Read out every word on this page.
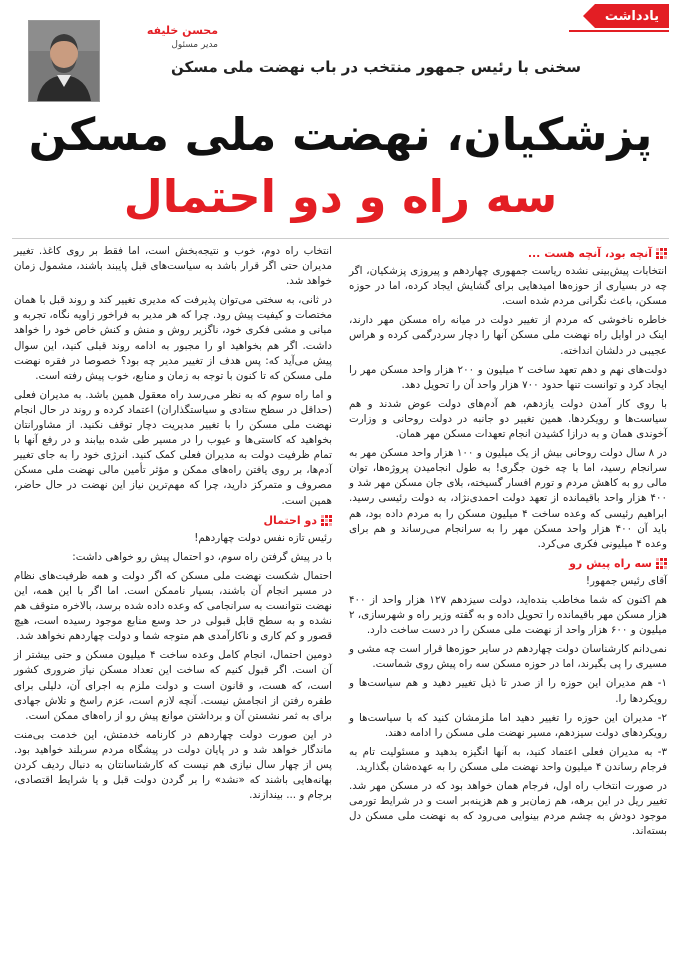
یادداشت
محسن خلیفه
مدیر مسئول
سخنی با رئیس جمهور منتخب در باب نهضت ملی مسکن
پزشکیان، نهضت ملی مسکن
سه راه و دو احتمال
آنچه بود، آنچه هست ...

انتخابات پیش‌بینی نشده ریاست جمهوری چهاردهم و پیروزی پزشکیان، اگر چه در بسیاری از حوزه‌ها امیدهایی برای گشایش ایجاد کرده، اما در حوزه مسکن، باعث نگرانی مردم شده است.

خاطره ناخوشی که مردم از تغییر دولت در میانه راه مسکن مهر دارند، اینک در اوایل راه نهضت ملی مسکن آنها را دچار سردرگمی کرده و هراس عجیبی در دلشان انداخته.

دولت‌های نهم و دهم تعهد ساخت ۲ میلیون و ۲۰۰ هزار واحد مسکن مهر را ایجاد کرد و توانست تنها حدود ۷۰۰ هزار واحد آن را تحویل دهد.

با روی کار آمدن دولت یازدهم، هم آدم‌های دولت عوض شدند و هم سیاست‌ها و رویکردها. همین تغییر دو جانبه در دولت روحانی و وزارت آخوندی همان و به درازا کشیدن انجام تعهدات مسکن مهر همان.

در ۸ سال دولت روحانی بیش از یک میلیون و ۱۰۰ هزار واحد مسکن مهر به سرانجام رسید، اما با چه خون جگری! به طول انجامیدن پروژه‌ها، توان مالی رو به کاهش مردم و تورم افسار گسیخته، بلای جان مسکن مهر شد و ۴۰۰ هزار واحد باقیمانده از تعهد دولت احمدی‌نژاد، به دولت رئیسی رسید. ابراهیم رئیسی که وعده ساخت ۴ میلیون مسکن را به مردم داده بود، هم باید آن ۴۰۰ هزار واحد مسکن مهر را به سرانجام می‌رساند و هم برای وعده ۴ میلیونی فکری می‌کرد.

سه راه پیش رو

آقای رئیس جمهور!

هم اکنون که شما مخاطب بنده‌اید، دولت سیزدهم ۱۲۷ هزار واحد از ۴۰۰ هزار مسکن مهر باقیمانده را تحویل داده و به گفته وزیر راه و شهرسازی، ۲ میلیون و ۶۰۰ هزار واحد از نهضت ملی مسکن را در دست ساخت دارد.

نمی‌دانم کارشناسان دولت چهاردهم در سایر حوزه‌ها قرار است چه مشی و مسیری را پی بگیرند، اما در حوزه مسکن سه راه پیش روی شماست.

۱- هم مدیران این حوزه را از صدر تا ذیل تغییر دهید و هم سیاست‌ها و رویکردها را.

۲- مدیران این حوزه را تغییر دهید اما ملزمشان کنید که با سیاست‌ها و رویکردهای دولت سیزدهم، مسیر نهضت ملی مسکن را ادامه دهند.

۳- به مدیران فعلی اعتماد کنید، به آنها انگیزه بدهید و مسئولیت تام به فرجام رساندن ۴ میلیون واحد نهضت ملی مسکن را به عهده‌شان بگذارید.

در صورت انتخاب راه اول، فرجام همان خواهد بود که در مسکن مهر شد. تغییر ریل در این برهه، هم زمان‌بر و هم هزینه‌بر است و در شرایط تورمی موجود دودش به چشم مردم بینوایی می‌رود که به نهضت ملی مسکن دل بسته‌اند.

انتخاب راه دوم، خوب و نتیجه‌بخش است، اما فقط بر روی کاغذ. تغییر مدیران حتی اگر قرار باشد به سیاست‌های قبل پایبند باشند، مشمول زمان خواهد شد.

در ثانی، به سختی می‌توان پذیرفت که مدیری تغییر کند و روند قبل با همان مختصات و کیفیت پیش رود. چرا که هر مدیر به فراخور زاویه نگاه، تجربه و مبانی و مشی فکری خود، ناگزیر روش و منش و کنش خاص خود را خواهد داشت. اگر هم بخواهید او را مجبور به ادامه روند قبلی کنید، این سوال پیش می‌آید که: پس هدف از تغییر مدیر چه بود؟ خصوصا در فقره نهضت ملی مسکن که تا کنون با توجه به زمان و منابع، خوب پیش رفته است.

و اما راه سوم که به نظر می‌رسد راه معقول همین باشد. به مدیران فعلی (حداقل در سطح ستادی و سیاستگذاران) اعتماد کرده و روند در حال انجام نهضت ملی مسکن را با تغییر مدیریت دچار توقف نکنید. از مشاورانتان بخواهید که کاستی‌ها و عیوب را در مسیر طی شده بیابند و در رفع آنها با تمام ظرفیت دولت به مدیران فعلی کمک کنید. انرژی خود را به جای تغییر آدم‌ها، بر روی یافتن راه‌های ممکن و مؤثر تأمین مالی نهضت ملی مسکن مصروف و متمرکز دارید، چرا که مهم‌ترین نیاز این نهضت در حال حاضر، همین است.

دو احتمال

رئیس تازه نفس دولت چهاردهم!

با در پیش گرفتن راه سوم، دو احتمال پیش رو خواهی داشت:

احتمال شکست نهضت ملی مسکن که اگر دولت و همه ظرفیت‌های نظام در مسیر انجام آن باشند، بسیار ناممکن است. اما اگر با این همه، این نهضت نتوانست به سرانجامی که وعده داده شده برسد، بالاخره متوقف هم نشده و به سطح قابل قبولی در حد وسع منابع موجود رسیده است، هیچ قصور و کم کاری و ناکارآمدی هم متوجه شما و دولت چهاردهم نخواهد شد.

دومین احتمال، انجام کامل وعده ساخت ۴ میلیون مسکن و حتی بیشتر از آن است. اگر قبول کنیم که ساخت این تعداد مسکن نیاز ضروری کشور است، که هست، و قانون است و دولت ملزم به اجرای آن، دلیلی برای طفره رفتن از انجامش نیست. آنچه لازم است، عزم راسخ و تلاش جهادی برای به ثمر نشستن آن و برداشتن موانع پیش رو از راه‌های ممکن است.

در این صورت دولت چهاردهم در کارنامه خدمتش، این خدمت بی‌منت ماندگار خواهد شد و در پایان دولت در پیشگاه مردم سربلند خواهید بود. پس از چهار سال نیازی هم نیست که کارشناسانتان به دنبال ردیف کردن بهانه‌هایی باشند که «نشد» را بر گردن دولت قبل و یا شرایط اقتصادی، برجام و ... بیندازند.
